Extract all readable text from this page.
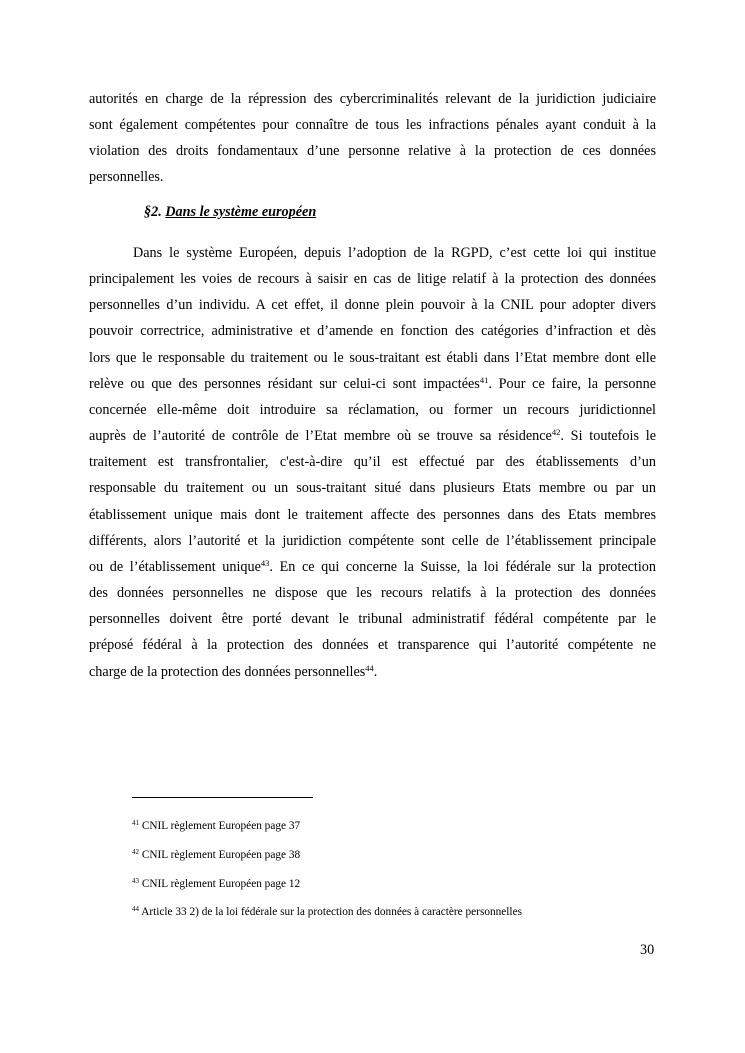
autorités en charge de la répression des cybercriminalités relevant de la juridiction judiciaire
sont également compétentes pour connaître de tous les infractions pénales ayant conduit à la
violation des droits fondamentaux d’une personne relative à la protection de ces données
personnelles.

§2. Dans le système européen

Dans le système Européen, depuis l’adoption de la RGPD, c’est cette loi qui institue
principalement les voies de recours à saisir en cas de litige relatif à la protection des données
personnelles d’un individu. A cet effet, il donne plein pouvoir à la CNIL pour adopter divers
pouvoir correctrice, administrative et d’amende en fonction des catégories d’infraction et dès
lors que le responsable du traitement ou le sous-traitant est établi dans l’Etat membre dont elle
relève ou que des personnes résidant sur celui-ci sont impactées$^{41}$. Pour ce faire, la personne
concernée elle-même doit introduire sa réclamation, ou former un recours juridictionnel
auprès de l’autorité de contrôle de l’Etat membre où se trouve sa résidence$^{42}$. Si toutefois le
traitement est transfrontalier, c'est-à-dire qu’il est effectué par des établissements d’un
responsable du traitement ou un sous-traitant situé dans plusieurs Etats membre ou par un
établissement unique mais dont le traitement affecte des personnes dans des Etats membres
différents, alors l’autorité et la juridiction compétente sont celle de l’établissement principale
ou de l’établissement unique$^{43}$. En ce qui concerne la Suisse, la loi fédérale sur la protection
des données personnelles ne dispose que les recours relatifs à la protection des données
personnelles doivent être porté devant le tribunal administratif fédéral compétente par le
préposé fédéral à la protection des données et transparence qui l’autorité compétente ne
charge de la protection des données personnelles$^{44}$.

$^{41}$ CNIL règlement Européen page 37
$^{42}$ CNIL règlement Européen page 38
$^{43}$ CNIL règlement Européen page 12
$^{44}$ Article 33 2) de la loi fédérale sur la protection des données à caractère personnelles
30
